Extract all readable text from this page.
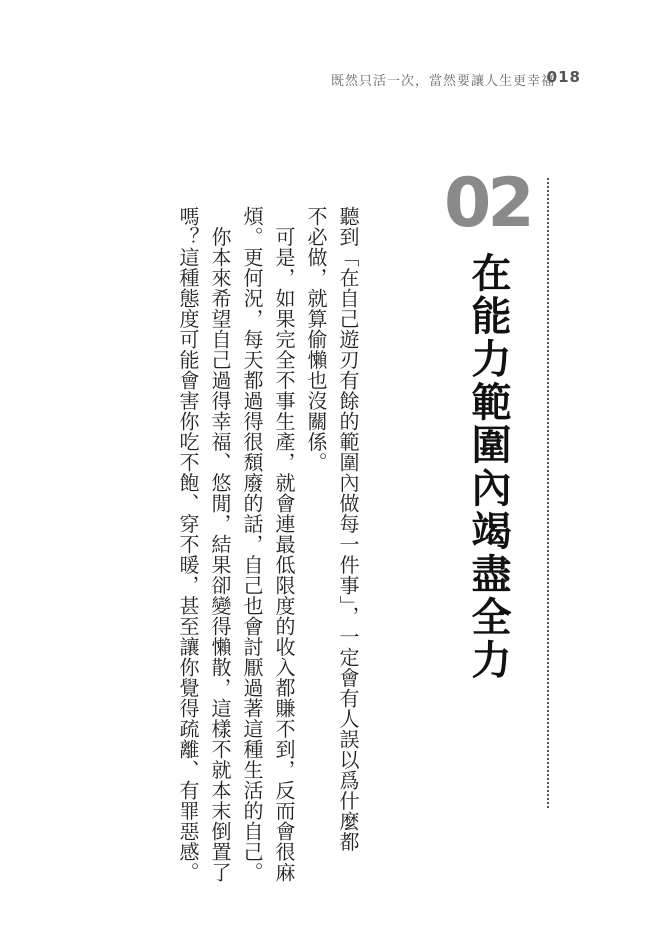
既然只活一次，當然要讓人生更幸福
018
02
在能力範圍內竭盡全力
聽到「在自己遊刃有餘的範圍內做每一件事」，一定會有人誤以爲什麼都
不必做，就算偷懶也沒關係。
　可是，如果完全不事生產，就會連最低限度的收入都賺不到，反而會很麻
煩。更何況，每天都過得很頹廢的話，自己也會討厭過著這種生活的自己。
　你本來希望自己過得幸福、悠閒，結果卻變得懶散，這樣不就本末倒置了
嗎？這種態度可能會害你吃不飽、穿不暖，甚至讓你覺得疏離、有罪惡感。
